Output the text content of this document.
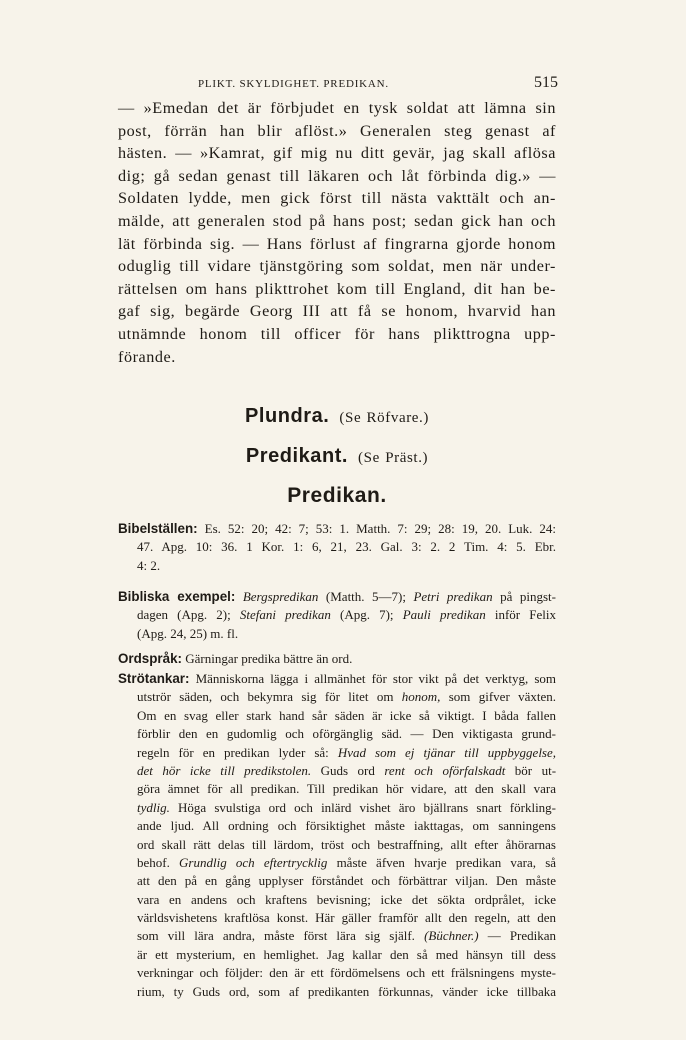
PLIKT. SKYLDIGHET. PREDIKAN.	515
— »Emedan det är förbjudet en tysk soldat att lämna sin
post, förrän han blir aflöst.» Generalen steg genast af
hästen. — »Kamrat, gif mig nu ditt gevär, jag skall aflösa
dig; gå sedan genast till läkaren och låt förbinda dig.» —
Soldaten lydde, men gick först till nästa vakttält och an-
mälde, att generalen stod på hans post; sedan gick han och
lät förbinda sig. — Hans förlust af fingrarna gjorde honom
oduglig till vidare tjänstgöring som soldat, men när under-
rättelsen om hans plikttrohet kom till England, dit han be-
gaf sig, begärde Georg III att få se honom, hvarvid han
utnämnde honom till officer för hans plikttrogna upp-
förande.
Plundra. (Se Röfvare.)
Predikant. (Se Präst.)
Predikan.
Bibelställen: Es. 52: 20; 42: 7; 53: 1. Matth. 7: 29; 28: 19, 20. Luk. 24:
47. Apg. 10: 36. 1 Kor. 1: 6, 21, 23. Gal. 3: 2. 2 Tim. 4: 5. Ebr.
4: 2.
Bibliska exempel: Bergspredikan (Matth. 5—7); Petri predikan på pingst-
dagen (Apg. 2); Stefani predikan (Apg. 7); Pauli predikan inför Felix
(Apg. 24, 25) m. fl.
Ordspråk: Gärningar predika bättre än ord.
Strötankar: Människorna lägga i allmänhet för stor vikt på det verktyg, som
utströr säden, och bekymra sig för litet om honom, som gifver växten.
Om en svag eller stark hand sår säden är icke så viktigt. I båda fallen
förblir den en gudomlig och oförgänglig säd. — Den viktigasta grund-
regeln för en predikan lyder så: Hvad som ej tjänar till uppbyggelse,
det hör icke till predikstolen. Guds ord rent och oförfalskadt bör ut-
göra ämnet för all predikan. Till predikan hör vidare, att den skall vara
tydlig. Höga svulstiga ord och inlärd vishet äro bjällrans snart förkling-
ande ljud. All ordning och försiktighet måste iakttagas, om sanningens
ord skall rätt delas till lärdom, tröst och bestraffning, allt efter åhörarnas
behof. Grundlig och eftertrycklig måste äfven hvarje predikan vara, så
att den på en gång upplyser förståndet och förbättrar viljan. Den måste
vara en andens och kraftens bevisning; icke det sökta ordprålet, icke
världsvishetens kraftlösa konst. Här gäller framför allt den regeln, att den
som vill lära andra, måste först lära sig själf. (Büchner.) — Predikan
är ett mysterium, en hemlighet. Jag kallar den så med hänsyn till dess
verkningar och följder: den är ett fördömelsens och ett frälsningens myste-
rium, ty Guds ord, som af predikanten förkunnas, vänder icke tillbaka
